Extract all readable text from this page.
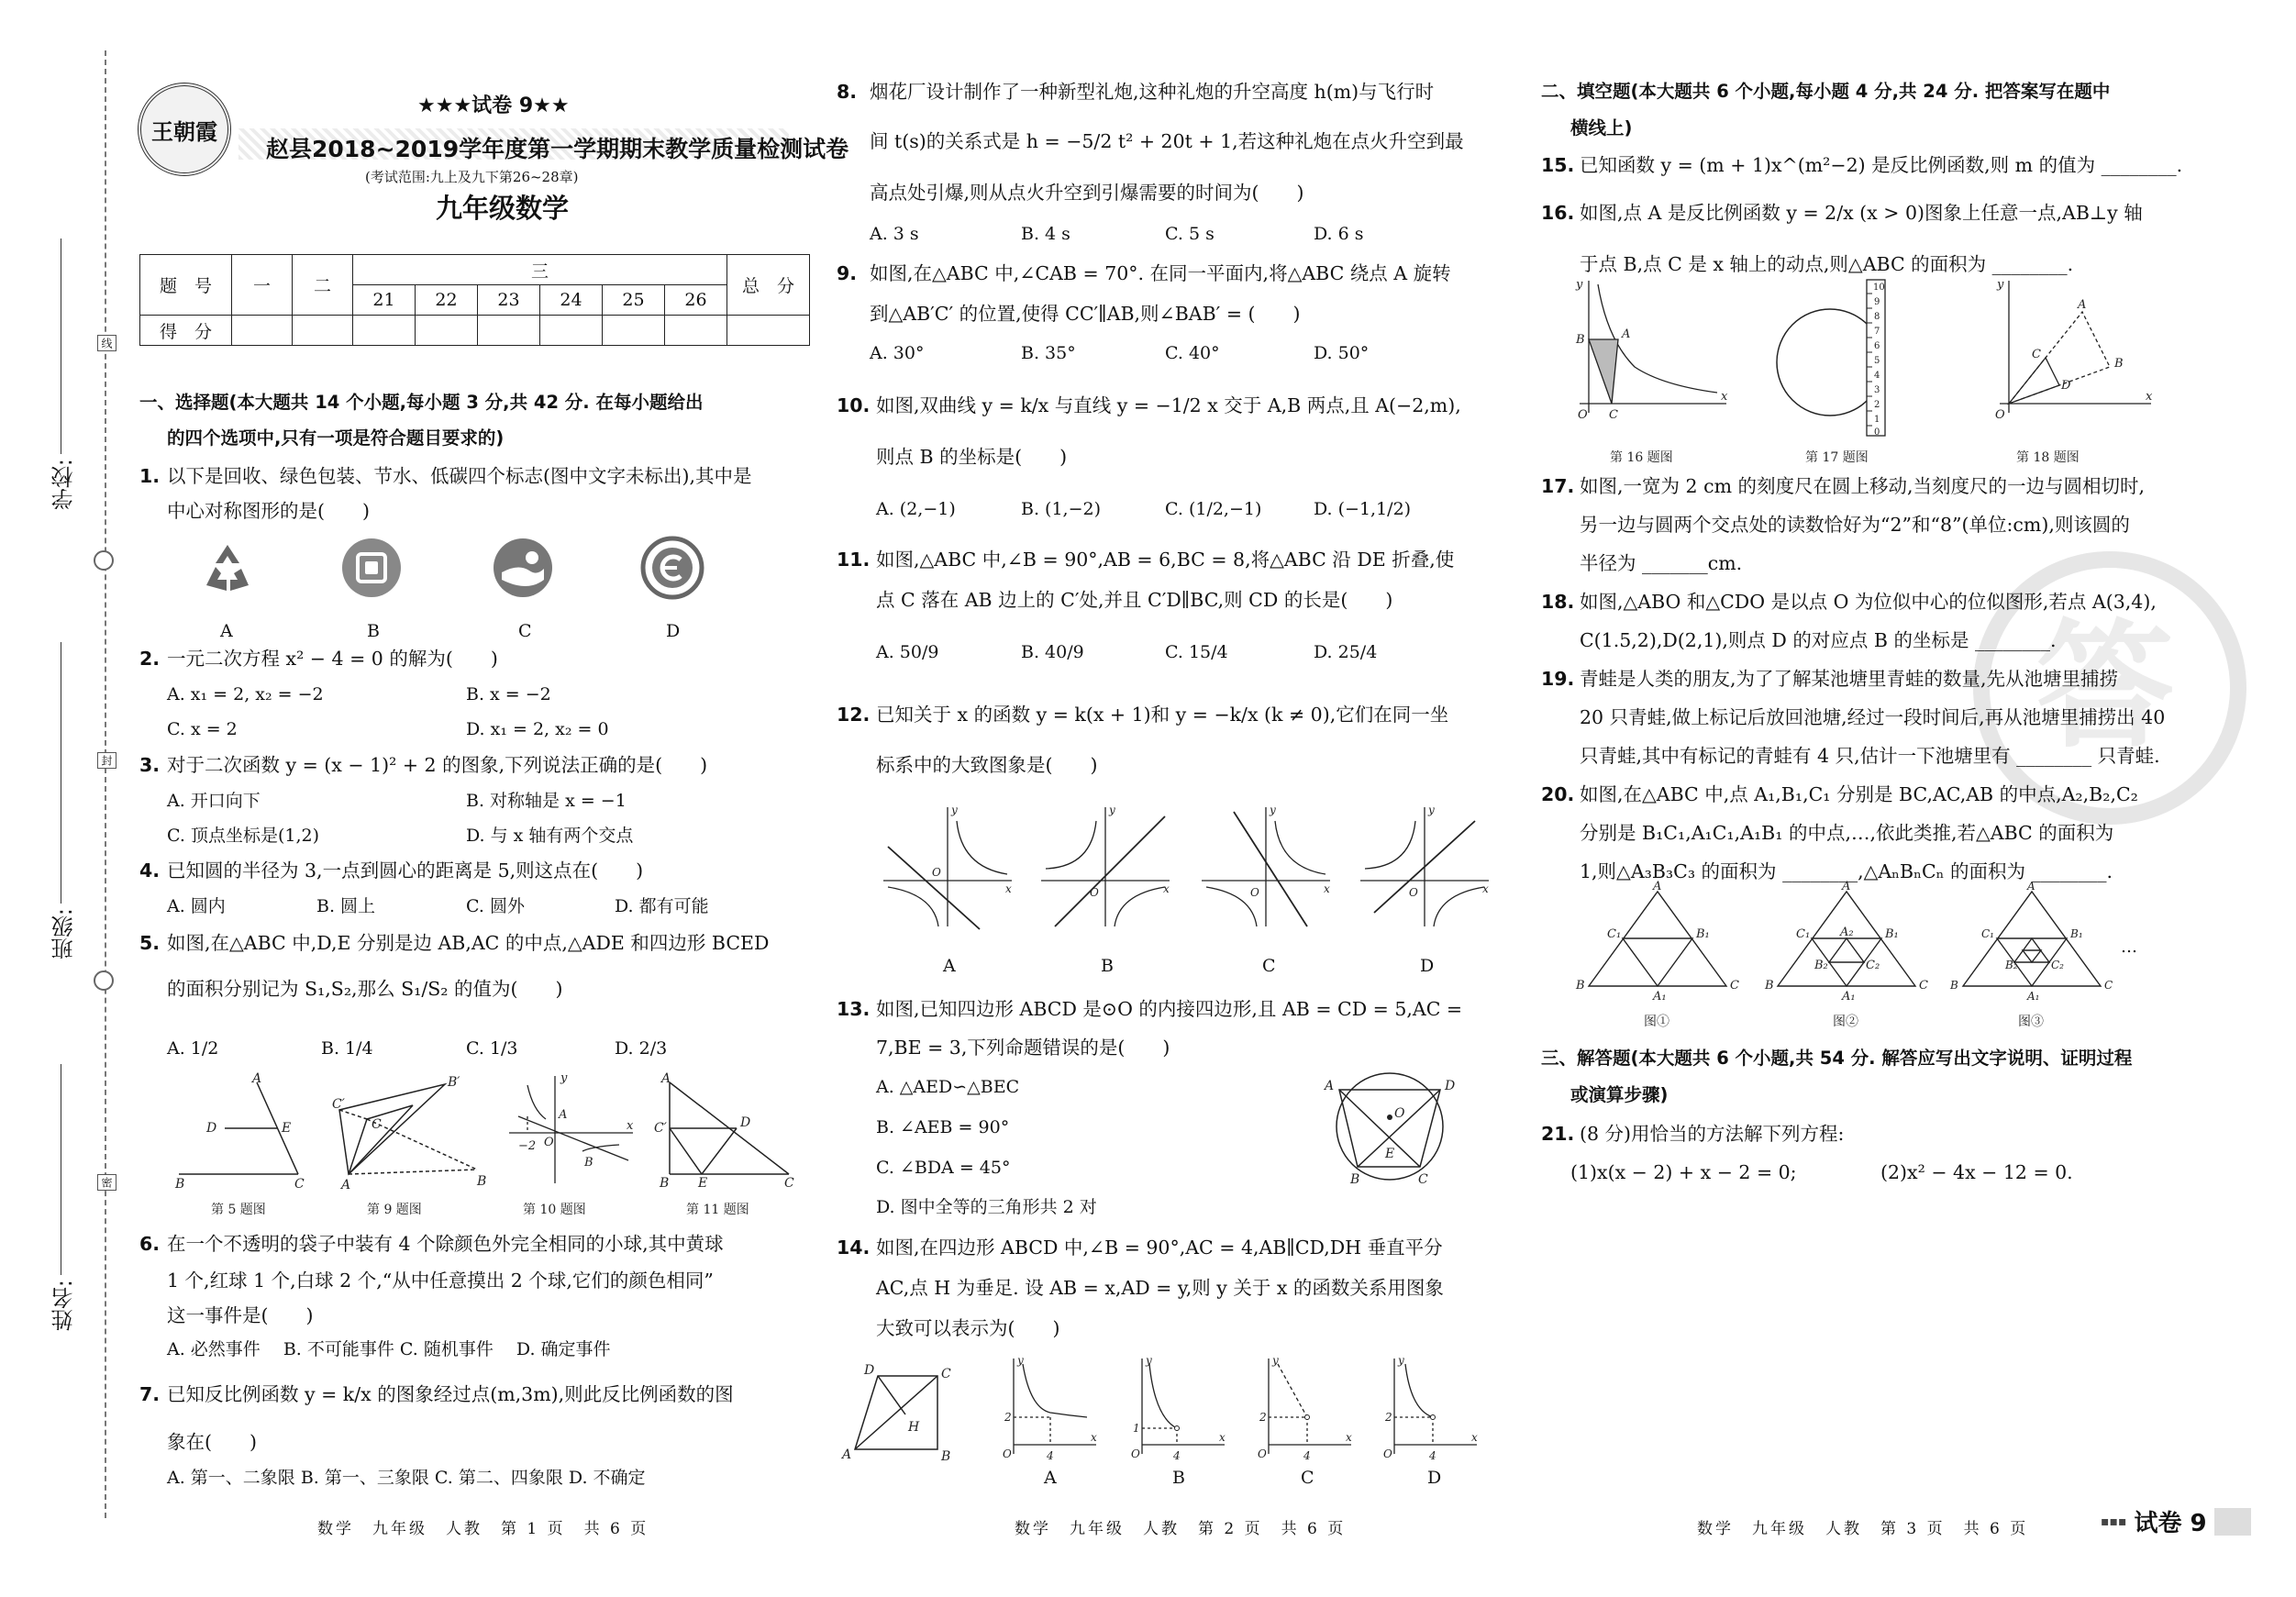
学校:
班级:
姓名:
线
封
密
王朝霞
★★★试卷 9★★
赵县2018~2019学年度第一学期期末教学质量检测试卷
(考试范围:九上及九下第26~28章)
九年级数学
题　号	一	二	三						总　分
			21	22	23	24	25	26	
得　分									
一、选择题(本大题共 14 个小题,每小题 3 分,共 42 分. 在每小题给出
的四个选项中,只有一项是符合题目要求的)
1. 以下是回收、绿色包装、节水、低碳四个标志(图中文字未标出),其中是
中心对称图形的是(　　)
A	B	C	D
2. 一元二次方程 x² − 4 = 0 的解为(　　)
A. x₁ = 2, x₂ = −2	B. x = −2
C. x = 2	D. x₁ = 2, x₂ = 0
3. 对于二次函数 y = (x − 1)² + 2 的图象,下列说法正确的是(　　)
A. 开口向下	B. 对称轴是 x = −1
C. 顶点坐标是(1,2)	D. 与 x 轴有两个交点
4. 已知圆的半径为 3,一点到圆心的距离是 5,则这点在(　　)
A. 圆内	B. 圆上	C. 圆外	D. 都有可能
5. 如图,在△ABC 中,D,E 分别是边 AB,AC 的中点,△ADE 和四边形 BCED
的面积分别记为 S₁,S₂,那么 S₁/S₂ 的值为(　　)
A. 1/2	B. 1/4	C. 1/3	D. 2/3
A
D	E
B	C
C′
B′
C
A	B
y
x
O
−2
A
B
A
C′	D
B E	C
第 5 题图	第 9 题图	第 10 题图	第 11 题图
6. 在一个不透明的袋子中装有 4 个除颜色外完全相同的小球,其中黄球
1 个,红球 1 个,白球 2 个,“从中任意摸出 2 个球,它们的颜色相同”
这一事件是(　　)
A. 必然事件　 B. 不可能事件 C. 随机事件　 D. 确定事件
7. 已知反比例函数 y = k/x 的图象经过点(m,3m),则此反比例函数的图
象在(　　)
A. 第一、二象限 B. 第一、三象限 C. 第二、四象限 D. 不确定
8. 烟花厂设计制作了一种新型礼炮,这种礼炮的升空高度 h(m)与飞行时
间 t(s)的关系式是 h = −5/2 t² + 20t + 1,若这种礼炮在点火升空到最
高点处引爆,则从点火升空到引爆需要的时间为(　　)
A. 3 s	B. 4 s	C. 5 s	D. 6 s
9. 如图,在△ABC 中,∠CAB = 70°. 在同一平面内,将△ABC 绕点 A 旋转
到△AB′C′ 的位置,使得 CC′∥AB,则∠BAB′ = (　　)
A. 30°	B. 35°	C. 40°	D. 50°
10. 如图,双曲线 y = k/x 与直线 y = −1/2 x 交于 A,B 两点,且 A(−2,m),
则点 B 的坐标是(　　)
A. (2,−1)	B. (1,−2)	C. (1/2,−1)	D. (−1,1/2)
11. 如图,△ABC 中,∠B = 90°,AB = 6,BC = 8,将△ABC 沿 DE 折叠,使
点 C 落在 AB 边上的 C′处,并且 C′D∥BC,则 CD 的长是(　　)
A. 50/9	B. 40/9	C. 15/4	D. 25/4
12. 已知关于 x 的函数 y = k(x + 1)和 y = −k/x (k ≠ 0),它们在同一坐
标系中的大致图象是(　　)
y
x
O
y
x
O
y
x
O
y
x
O
A	B	C	D
13. 如图,已知四边形 ABCD 是⊙O 的内接四边形,且 AB = CD = 5,AC =
7,BE = 3,下列命题错误的是(　　)
A. △AED∽△BEC
B. ∠AEB = 90°
C. ∠BDA = 45°
D. 图中全等的三角形共 2 对
A	D
O
E
B	C
14. 如图,在四边形 ABCD 中,∠B = 90°,AC = 4,AB∥CD,DH 垂直平分
AC,点 H 为垂足. 设 AB = x,AD = y,则 y 关于 x 的函数关系用图象
大致可以表示为(　　)
A	B
C
D
H
y
x
2
4
O
y
x
1
4
O
y
x
2
4
O
y
x
2
4
O
A	B	C	D
答
二、填空题(本大题共 6 个小题,每小题 4 分,共 24 分. 把答案写在题中
横线上)
15. 已知函数 y = (m + 1)x^(m²−2) 是反比例函数,则 m 的值为 ________.
16. 如图,点 A 是反比例函数 y = 2/x (x > 0)图象上任意一点,AB⊥y 轴
于点 B,点 C 是 x 轴上的动点,则△ABC 的面积为 ________.
y
x
B	A
O C
10
9
8
7
6
5
4
3
2
1
0
y
x
A
B
C
D
O
第 16 题图	第 17 题图	第 18 题图
17. 如图,一宽为 2 cm 的刻度尺在圆上移动,当刻度尺的一边与圆相切时,
另一边与圆两个交点处的读数恰好为“2”和“8”(单位:cm),则该圆的
半径为 _______cm.
18. 如图,△ABO 和△CDO 是以点 O 为位似中心的位似图形,若点 A(3,4),
C(1.5,2),D(2,1),则点 D 的对应点 B 的坐标是 ________.
19. 青蛙是人类的朋友,为了了解某池塘里青蛙的数量,先从池塘里捕捞
20 只青蛙,做上标记后放回池塘,经过一段时间后,再从池塘里捕捞出 40
只青蛙,其中有标记的青蛙有 4 只,估计一下池塘里有 ________ 只青蛙.
20. 如图,在△ABC 中,点 A₁,B₁,C₁ 分别是 BC,AC,AB 的中点,A₂,B₂,C₂
分别是 B₁C₁,A₁C₁,A₁B₁ 的中点,…,依此类推,若△ABC 的面积为
1,则△A₃B₃C₃ 的面积为 ________,△AₙBₙCₙ 的面积为 ________.
A
B	C
C₁	B₁
A₁
A
B	C
C₁	B₁
A₁
A₂
B₂	C₂
A
B	C
C₁	B₁
A₁
B₂	C₂
…
图①	图②	图③
三、解答题(本大题共 6 个小题,共 54 分. 解答应写出文字说明、证明过程
或演算步骤)
21. (8 分)用恰当的方法解下列方程:
(1)x(x − 2) + x − 2 = 0;	(2)x² − 4x − 12 = 0.
数学　九年级　人教　第 1 页　共 6 页	数学　九年级　人教　第 2 页　共 6 页	数学　九年级　人教　第 3 页　共 6 页	▪▪▪ 试卷 9
